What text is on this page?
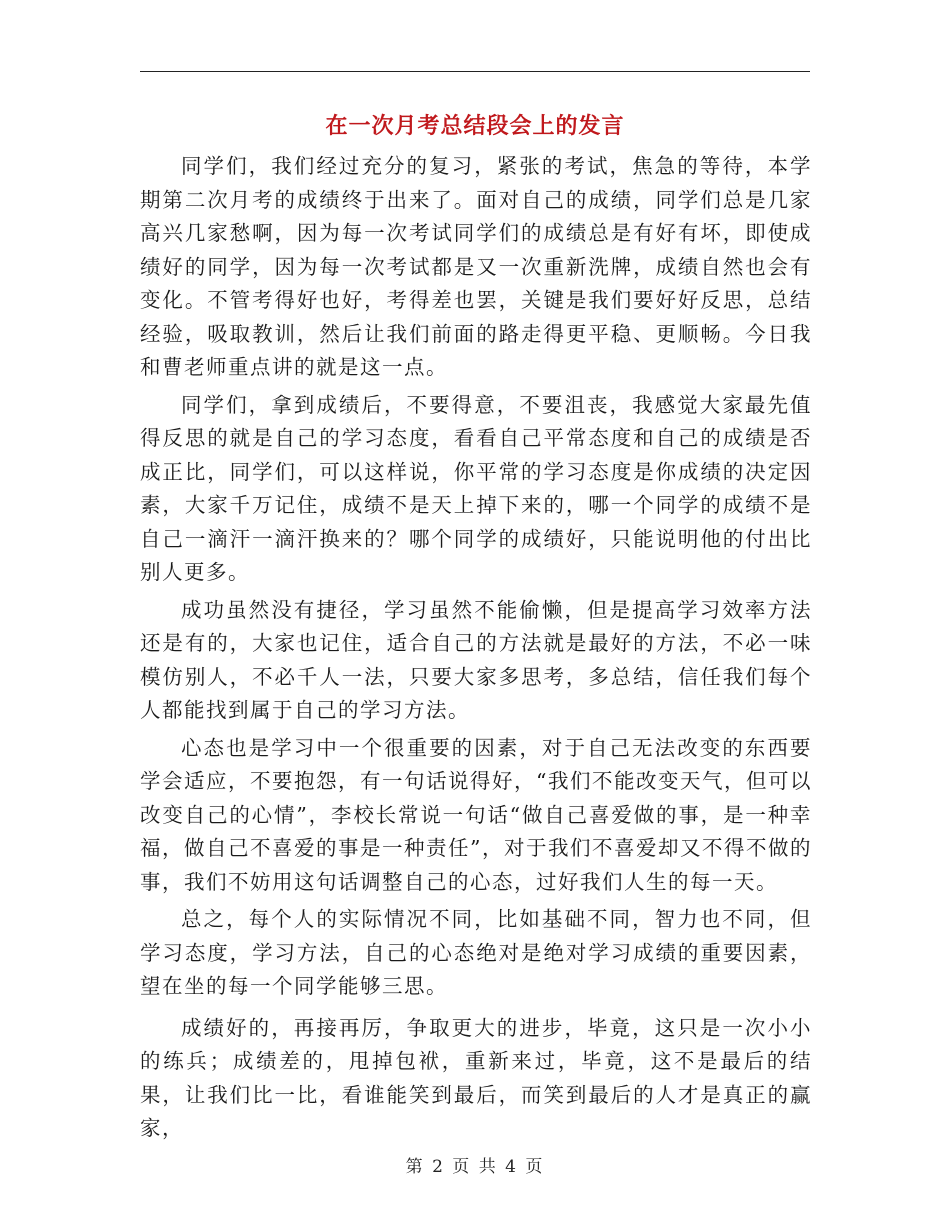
在一次月考总结段会上的发言

同学们，我们经过充分的复习，紧张的考试，焦急的等待，本学期第二次月考的成绩终于出来了。面对自己的成绩，同学们总是几家高兴几家愁啊，因为每一次考试同学们的成绩总是有好有坏，即使成绩好的同学，因为每一次考试都是又一次重新洗牌，成绩自然也会有变化。不管考得好也好，考得差也罢，关键是我们要好好反思，总结经验，吸取教训，然后让我们前面的路走得更平稳、更顺畅。今日我和曹老师重点讲的就是这一点。

同学们，拿到成绩后，不要得意，不要沮丧，我感觉大家最先值得反思的就是自己的学习态度，看看自己平常态度和自己的成绩是否成正比，同学们，可以这样说，你平常的学习态度是你成绩的决定因素，大家千万记住，成绩不是天上掉下来的，哪一个同学的成绩不是自己一滴汗一滴汗换来的？哪个同学的成绩好，只能说明他的付出比别人更多。

成功虽然没有捷径，学习虽然不能偷懒，但是提高学习效率方法还是有的，大家也记住，适合自己的方法就是最好的方法，不必一味模仿别人，不必千人一法，只要大家多思考，多总结，信任我们每个人都能找到属于自己的学习方法。

心态也是学习中一个很重要的因素，对于自己无法改变的东西要学会适应，不要抱怨，有一句话说得好，“我们不能改变天气，但可以改变自己的心情”，李校长常说一句话“做自己喜爱做的事，是一种幸福，做自己不喜爱的事是一种责任”，对于我们不喜爱却又不得不做的事，我们不妨用这句话调整自己的心态，过好我们人生的每一天。

总之，每个人的实际情况不同，比如基础不同，智力也不同，但学习态度，学习方法，自己的心态绝对是绝对学习成绩的重要因素，望在坐的每一个同学能够三思。

成绩好的，再接再厉，争取更大的进步，毕竟，这只是一次小小的练兵；成绩差的，甩掉包袱，重新来过，毕竟，这不是最后的结果，让我们比一比，看谁能笑到最后，而笑到最后的人才是真正的赢家，

第 2 页 共 4 页
